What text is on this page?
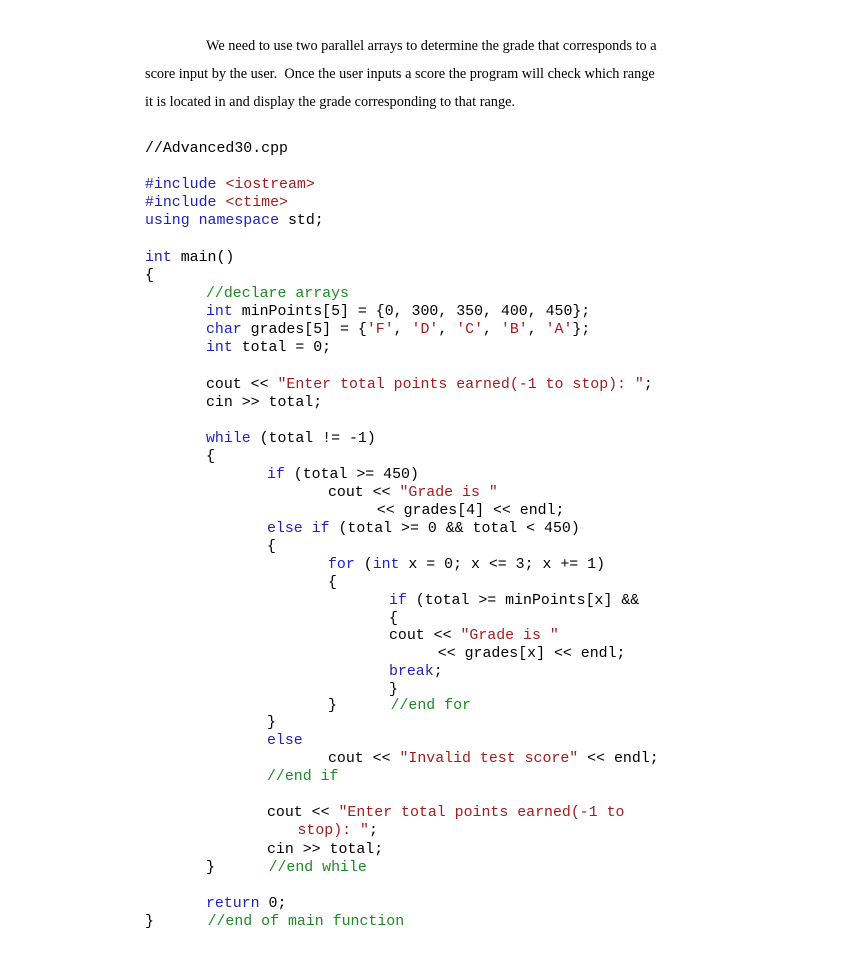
We need to use two parallel arrays to determine the grade that corresponds to a
score input by the user.  Once the user inputs a score the program will check which range
it is located in and display the grade corresponding to that range.
//Advanced30.cpp
#include <iostream>
#include <ctime>
using namespace std;
int main()
{
//declare arrays
int minPoints[5] = {0, 300, 350, 400, 450};
char grades[5] = {'F', 'D', 'C', 'B', 'A'};
int total = 0;
cout << "Enter total points earned(-1 to stop): ";
cin >> total;
while (total != -1)
{
if (total >= 450)
cout << "Grade is "
<< grades[4] << endl;
else if (total >= 0 && total < 450)
{
for (int x = 0; x <= 3; x += 1)
{
if (total >= minPoints[x] &&
{
cout << "Grade is "
<< grades[x] << endl;
break;
}
}      //end for
}
else
cout << "Invalid test score" << endl;
//end if
cout << "Enter total points earned(-1 to
stop): ";
cin >> total;
}      //end while
return 0;
}      //end of main function
